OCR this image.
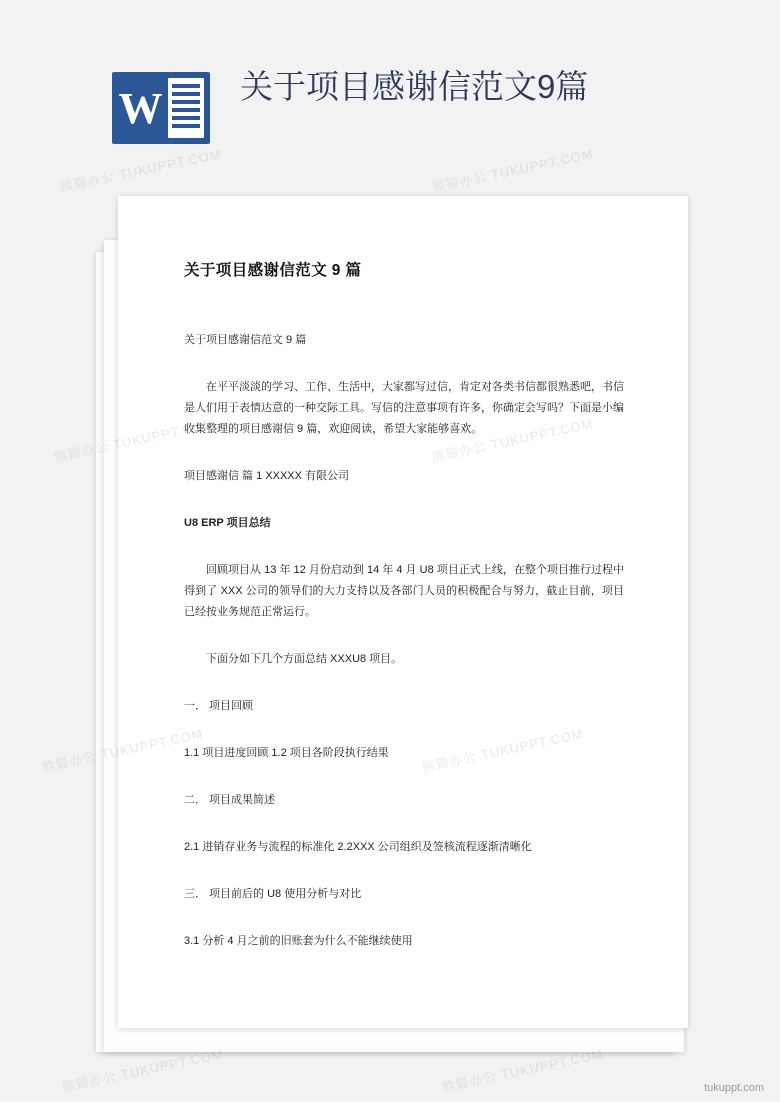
W 关于项目感谢信范文9篇
关于项目感谢信范文 9 篇

关于项目感谢信范文 9 篇

在平平淡淡的学习、工作、生活中，大家都写过信，肯定对各类书信都很熟悉吧，书信是人们用于表情达意的一种交际工具。写信的注意事项有许多，你确定会写吗？下面是小编收集整理的项目感谢信 9 篇，欢迎阅读，希望大家能够喜欢。

项目感谢信 篇 1 XXXXX 有限公司

U8 ERP 项目总结

回顾项目从 13 年 12 月份启动到 14 年 4 月 U8 项目正式上线，在整个项目推行过程中得到了 XXX 公司的领导们的大力支持以及各部门人员的积极配合与努力，截止目前，项目已经按业务规范正常运行。

下面分如下几个方面总结 XXXU8 项目。

一． 项目回顾

1.1 项目进度回顾 1.2 项目各阶段执行结果

二． 项目成果简述

2.1 进销存业务与流程的标准化 2.2XXX 公司组织及签核流程逐渐清晰化

三． 项目前后的 U8 使用分析与对比

3.1 分析 4 月之前的旧账套为什么不能继续使用

熊猫办公 TUKUPPT.COM	熊猫办公 TUKUPPT.COM
熊猫办公
熊猫办公
熊猫办公 TUKUPPT.COM	熊猫办公 TUKUPPT.COM	tukuppt.com
